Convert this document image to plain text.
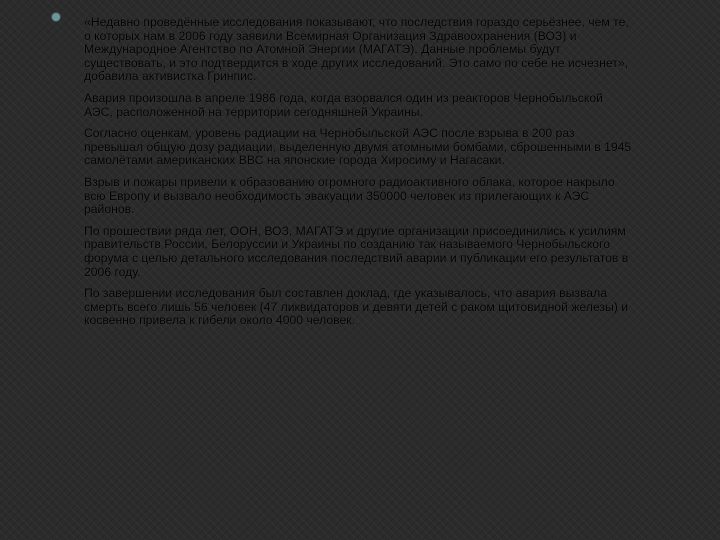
«Недавно проведённые исследования показывают, что последствия гораздо серьёзнее, чем те, о которых нам в 2006 году заявили Всемирная Организация Здравоохранения (ВОЗ) и Международное Агентство по Атомной Энергии (МАГАТЭ). Данные проблемы будут существовать, и это подтвердится в ходе других исследований. Это само по себе не исчезнет», добавила активистка Гринпис.

Авария произошла в апреле 1986 года, когда взорвался один из реакторов Чернобыльской АЭС, расположенной на территории сегодняшней Украины.

Согласно оценкам, уровень радиации на Чернобыльской АЭС после взрыва в 200 раз превышал общую дозу радиации, выделенную двумя атомными бомбами, сброшенными в 1945 самолётами американских ВВС на японские города Хиросиму и Нагасаки.

Взрыв и пожары привели к образованию огромного радиоактивного облака, которое накрыло всю Европу и вызвало необходимость эвакуации 350000 человек из прилегающих к АЭС районов.

По прошествии ряда лет, ООН, ВОЗ, МАГАТЭ и другие организации присоединились к усилиям правительств России, Белоруссии и Украины по созданию так называемого Чернобыльского форума с целью детального исследования последствий аварии и публикации его результатов в 2006 году.

По завершении исследования был составлен доклад, где указывалось, что авария вызвала смерть всего лишь 56 человек (47 ликвидаторов и девяти детей с раком щитовидной железы) и косвенно привела к гибели около 4000 человек.
